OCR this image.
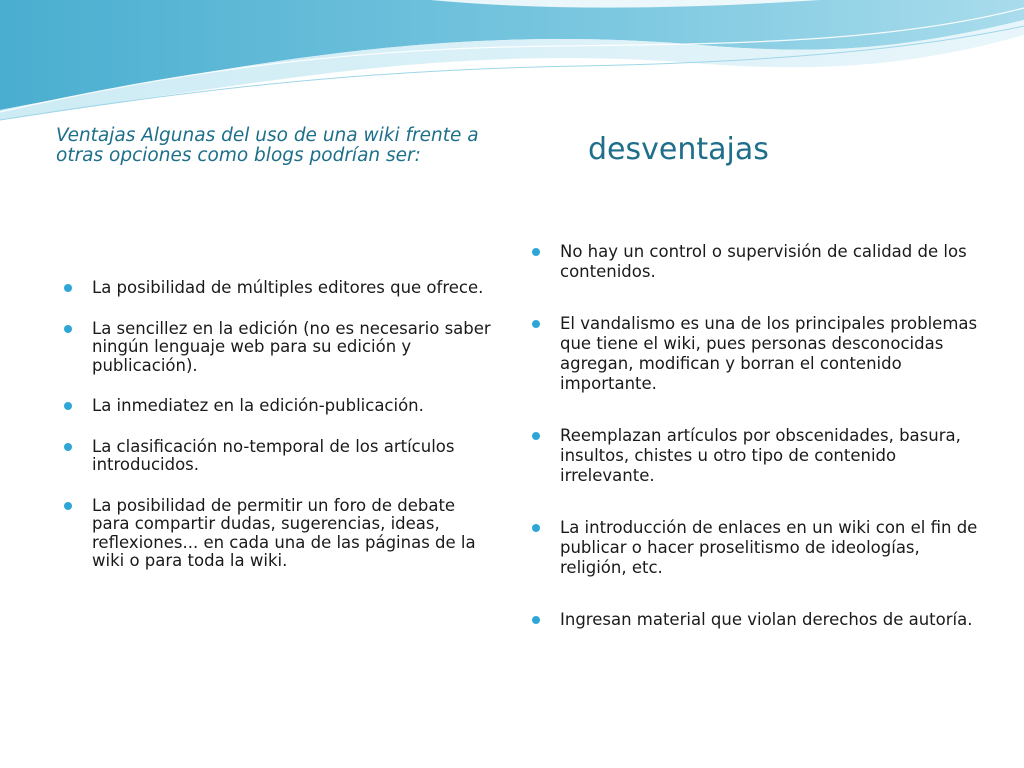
Ventajas Algunas del uso de una wiki frente a otras opciones como blogs podrían ser:	desventajas
La posibilidad de múltiples editores que ofrece.
La sencillez en la edición (no es necesario saber ningún lenguaje web para su edición y publicación).
La inmediatez en la edición-publicación.
La clasificación no-temporal de los artículos introducidos.
La posibilidad de permitir un foro de debate para compartir dudas, sugerencias, ideas, reflexiones... en cada una de las páginas de la wiki o para toda la wiki.
No hay un control o supervisión de calidad de los contenidos.
El vandalismo es una de los principales problemas que tiene el wiki, pues personas desconocidas agregan, modifican y borran el contenido importante.
Reemplazan artículos por obscenidades, basura, insultos, chistes u otro tipo de contenido irrelevante.
La introducción de enlaces en un wiki con el fin de publicar o hacer proselitismo de ideologías, religión, etc.
Ingresan material que violan derechos de autoría.
